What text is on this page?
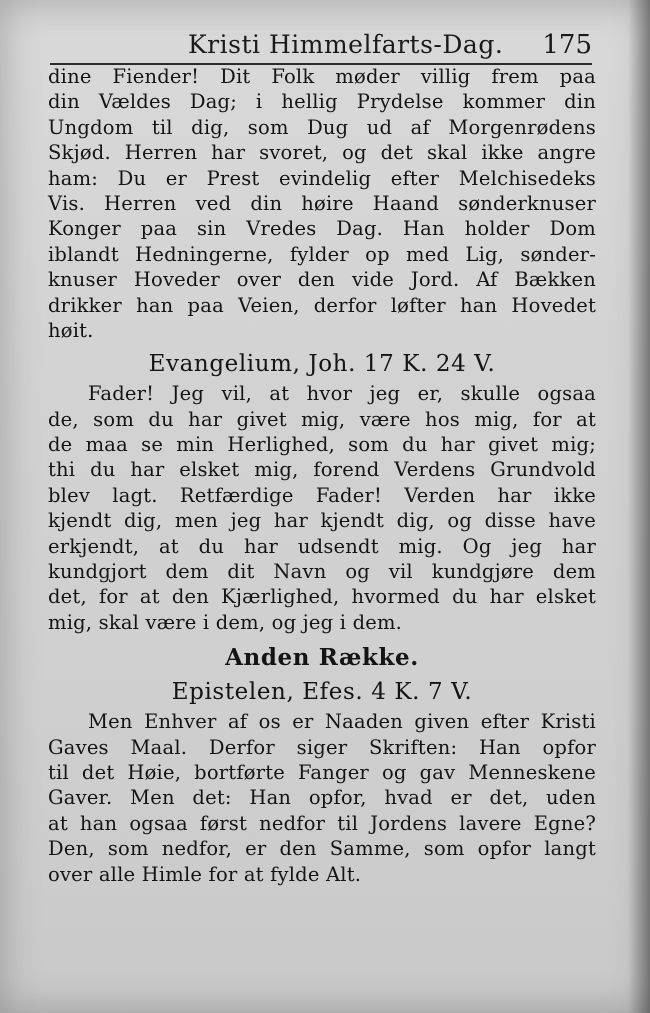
Kristi Himmelfarts-Dag. 175
dine Fiender! Dit Folk møder villig frem paa
din Vældes Dag; i hellig Prydelse kommer din
Ungdom til dig, som Dug ud af Morgenrødens
Skjød. Herren har svoret, og det skal ikke angre
ham: Du er Prest evindelig efter Melchisedeks
Vis. Herren ved din høire Haand sønderknuser
Konger paa sin Vredes Dag. Han holder Dom
iblandt Hedningerne, fylder op med Lig, sønder-
knuser Hoveder over den vide Jord. Af Bækken
drikker han paa Veien, derfor løfter han Hovedet
høit.
Evangelium, Joh. 17 K. 24 V.
Fader! Jeg vil, at hvor jeg er, skulle ogsaa
de, som du har givet mig, være hos mig, for at
de maa se min Herlighed, som du har givet mig;
thi du har elsket mig, forend Verdens Grundvold
blev lagt. Retfærdige Fader! Verden har ikke
kjendt dig, men jeg har kjendt dig, og disse have
erkjendt, at du har udsendt mig. Og jeg har
kundgjort dem dit Navn og vil kundgjøre dem
det, for at den Kjærlighed, hvormed du har elsket
mig, skal være i dem, og jeg i dem.
Anden Række.
Epistelen, Efes. 4 K. 7 V.
Men Enhver af os er Naaden given efter Kristi
Gaves Maal. Derfor siger Skriften: Han opfor
til det Høie, bortførte Fanger og gav Menneskene
Gaver. Men det: Han opfor, hvad er det, uden
at han ogsaa først nedfor til Jordens lavere Egne?
Den, som nedfor, er den Samme, som opfor langt
over alle Himle for at fylde Alt.
